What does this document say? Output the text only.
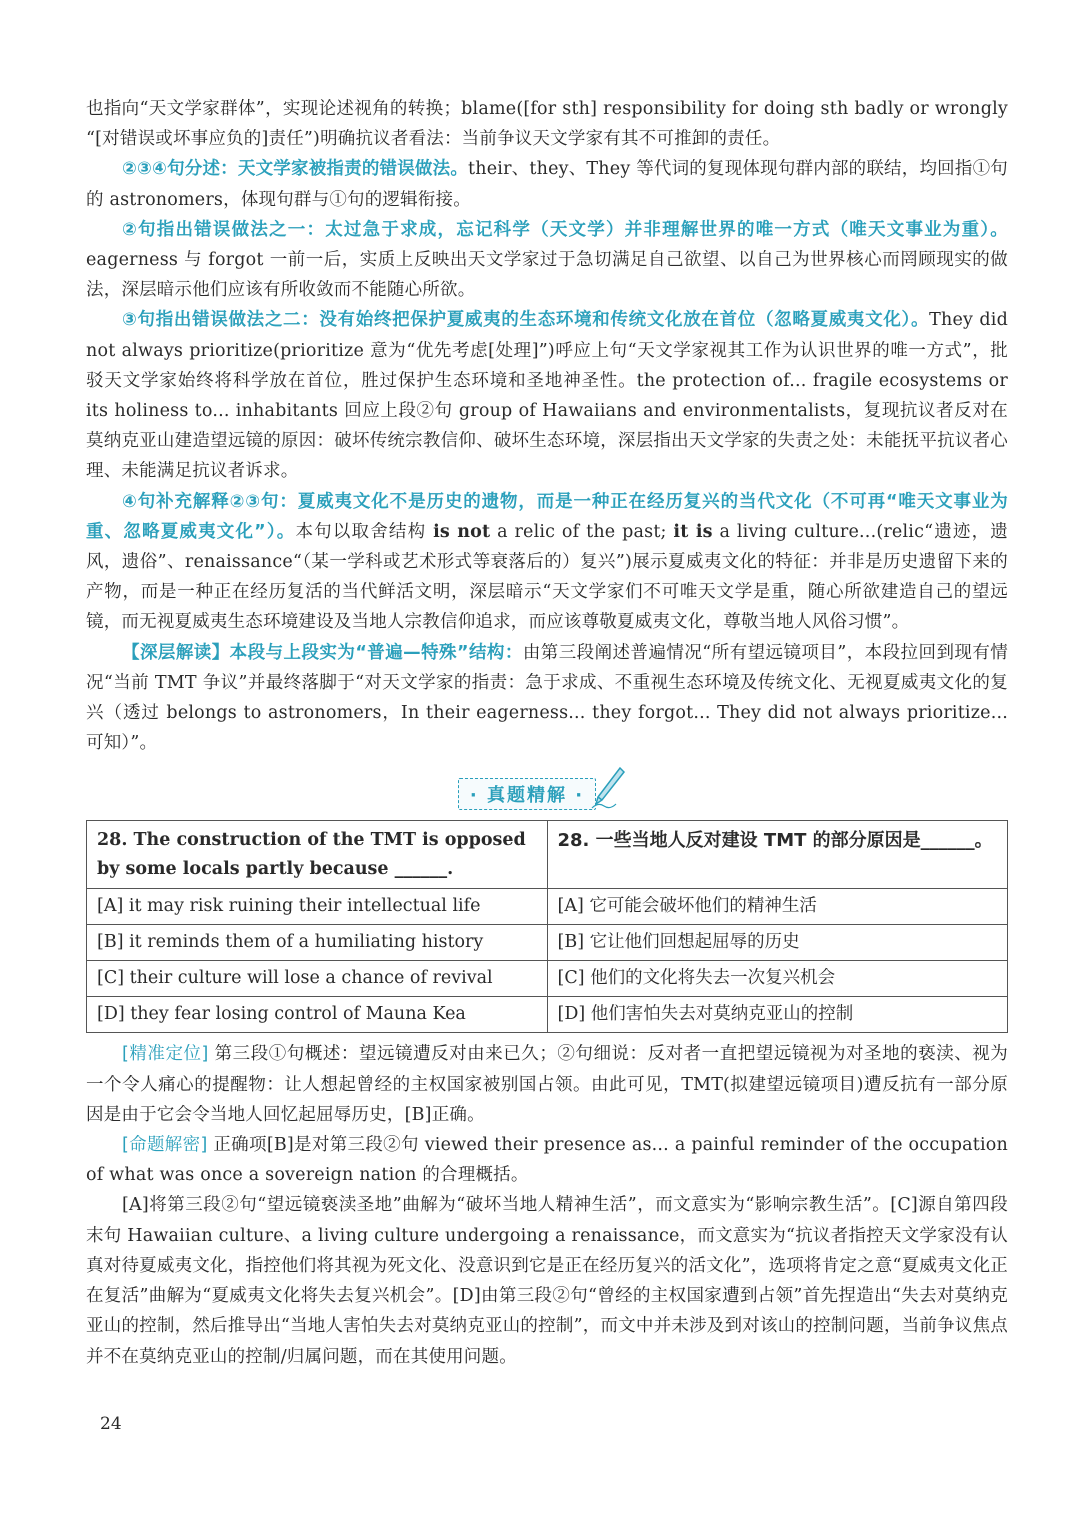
也指向“天文学家群体”，实现论述视角的转换；blame([for sth] responsibility for doing sth badly or wrongly “[对错误或坏事应负的]责任”)明确抗议者看法：当前争议天文学家有其不可推卸的责任。

②③④句分述：天文学家被指责的错误做法。their、they、They 等代词的复现体现句群内部的联结，均回指①句的 astronomers，体现句群与①句的逻辑衔接。

②句指出错误做法之一：太过急于求成，忘记科学（天文学）并非理解世界的唯一方式（唯天文事业为重）。eagerness 与 forgot 一前一后，实质上反映出天文学家过于急切满足自己欲望、以自己为世界核心而罔顾现实的做法，深层暗示他们应该有所收敛而不能随心所欲。

③句指出错误做法之二：没有始终把保护夏威夷的生态环境和传统文化放在首位（忽略夏威夷文化）。They did not always prioritize(prioritize 意为“优先考虑[处理]”)呼应上句“天文学家视其工作为认识世界的唯一方式”，批驳天文学家始终将科学放在首位，胜过保护生态环境和圣地神圣性。the protection of... fragile ecosystems or its holiness to... inhabitants 回应上段②句 group of Hawaiians and environmentalists，复现抗议者反对在莫纳克亚山建造望远镜的原因：破坏传统宗教信仰、破坏生态环境，深层指出天文学家的失责之处：未能抚平抗议者心理、未能满足抗议者诉求。

④句补充解释②③句：夏威夷文化不是历史的遗物，而是一种正在经历复兴的当代文化（不可再“唯天文事业为重、忽略夏威夷文化”）。本句以取舍结构 is not a relic of the past; it is a living culture...(relic“遗迹，遗风，遗俗”、renaissance“（某一学科或艺术形式等衰落后的）复兴”)展示夏威夷文化的特征：并非是历史遗留下来的产物，而是一种正在经历复活的当代鲜活文明，深层暗示“天文学家们不可唯天文学是重，随心所欲建造自己的望远镜，而无视夏威夷生态环境建设及当地人宗教信仰追求，而应该尊敬夏威夷文化，尊敬当地人风俗习惯”。

【深层解读】本段与上段实为“普遍—特殊”结构：由第三段阐述普遍情况“所有望远镜项目”，本段拉回到现有情况“当前 TMT 争议”并最终落脚于“对天文学家的指责：急于求成、不重视生态环境及传统文化、无视夏威夷文化的复兴（透过 belongs to astronomers，In their eagerness... they forgot... They did not always prioritize... 可知）”。

· 真题精解 ·
28. The construction of the TMT is opposed by some locals partly because ______.	28. 一些当地人反对建设 TMT 的部分原因是______。
[A] it may risk ruining their intellectual life	[A] 它可能会破坏他们的精神生活
[B] it reminds them of a humiliating history	[B] 它让他们回想起屈辱的历史
[C] their culture will lose a chance of revival	[C] 他们的文化将失去一次复兴机会
[D] they fear losing control of Mauna Kea	[D] 他们害怕失去对莫纳克亚山的控制

[精准定位] 第三段①句概述：望远镜遭反对由来已久；②句细说：反对者一直把望远镜视为对圣地的亵渎、视为一个令人痛心的提醒物：让人想起曾经的主权国家被别国占领。由此可见，TMT(拟建望远镜项目)遭反抗有一部分原因是由于它会令当地人回忆起屈辱历史，[B]正确。

[命题解密] 正确项[B]是对第三段②句 viewed their presence as... a painful reminder of the occupation of what was once a sovereign nation 的合理概括。

[A]将第三段②句“望远镜亵渎圣地”曲解为“破坏当地人精神生活”，而文意实为“影响宗教生活”。[C]源自第四段末句 Hawaiian culture、a living culture undergoing a renaissance，而文意实为“抗议者指控天文学家没有认真对待夏威夷文化，指控他们将其视为死文化、没意识到它是正在经历复兴的活文化”，选项将肯定之意“夏威夷文化正在复活”曲解为“夏威夷文化将失去复兴机会”。[D]由第三段②句“曾经的主权国家遭到占领”首先捏造出“失去对莫纳克亚山的控制，然后推导出“当地人害怕失去对莫纳克亚山的控制”，而文中并未涉及到对该山的控制问题，当前争议焦点并不在莫纳克亚山的控制/归属问题，而在其使用问题。

24
